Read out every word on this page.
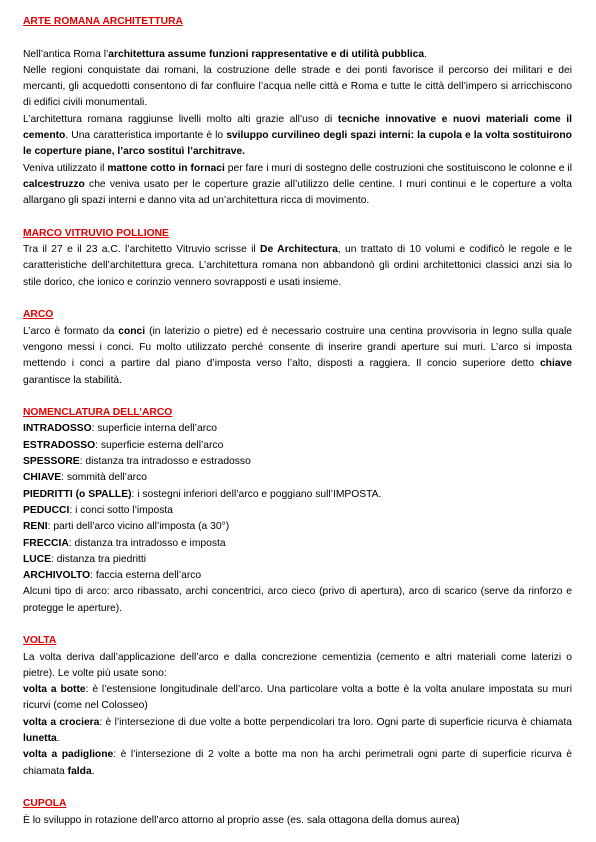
ARTE ROMANA ARCHITETTURA

Nell’antica Roma l’architettura assume funzioni rappresentative e di utilità pubblica.

Nelle regioni conquistate dai romani, la costruzione delle strade e dei ponti favorisce il percorso dei militari e dei mercanti, gli acquedotti consentono di far confluire l’acqua nelle città e Roma e tutte le città dell’impero si arricchiscono di edifici civili monumentali.

L’architettura romana raggiunse livelli molto alti grazie all’uso di tecniche innovative e nuovi materiali come il cemento. Una caratteristica importante è lo sviluppo curvilineo degli spazi interni: la cupola e la volta sostituirono le coperture piane, l’arco sostituì l’architrave.

Veniva utilizzato il mattone cotto in fornaci per fare i muri di sostegno delle costruzioni che sostituiscono le colonne e il calcestruzzo che veniva usato per le coperture grazie all’utilizzo delle centine. I muri continui e le coperture a volta allargano gli spazi interni e danno vita ad un’architettura ricca di movimento.

MARCO VITRUVIO POLLIONE

Tra il 27 e il 23 a.C. l’architetto Vitruvio scrisse il De Architectura, un trattato di 10 volumi e codificò le regole e le caratteristiche dell’architettura greca. L’architettura romana non abbandonò gli ordini architettonici classici anzi sia lo stile dorico, che ionico e corinzio vennero sovrapposti e usati insieme.

ARCO

L’arco è formato da conci (in laterizio o pietre) ed è necessario costruire una centina provvisoria in legno sulla quale vengono messi i conci. Fu molto utilizzato perché consente di inserire grandi aperture sui muri. L’arco si imposta mettendo i conci a partire dal piano d’imposta verso l’alto, disposti a raggiera. Il concio superiore detto chiave garantisce la stabilità.

NOMENCLATURA DELL’ARCO
INTRADOSSO: superficie interna dell’arco
ESTRADOSSO: superficie esterna dell’arco
SPESSORE: distanza tra intradosso e estradosso
CHIAVE: sommità dell’arco
PIEDRITTI (o SPALLE): i sostegni inferiori dell’arco e poggiano sull’IMPOSTA.
PEDUCCI: i conci sotto l’imposta
RENI: parti dell’arco vicino all’imposta (a 30°)
FRECCIA: distanza tra intradosso e imposta
LUCE: distanza tra piedritti
ARCHIVOLTO: faccia esterna dell’arco

Alcuni tipo di arco: arco ribassato, archi concentrici, arco cieco (privo di apertura), arco di scarico (serve da rinforzo e protegge le aperture).

VOLTA

La volta deriva dall’applicazione dell’arco e dalla concrezione cementizia (cemento e altri materiali come laterizi o pietre). Le volte più usate sono:

volta a botte: è l’estensione longitudinale dell’arco. Una particolare volta a botte è la volta anulare impostata su muri ricurvi (come nel Colosseo)

volta a crociera: è l’intersezione di due volte a botte perpendicolari tra loro. Ogni parte di superficie ricurva è chiamata lunetta.

volta a padiglione: è l’intersezione di 2 volte a botte ma non ha archi perimetrali ogni parte di superficie ricurva è chiamata falda.

CUPOLA

È lo sviluppo in rotazione dell’arco attorno al proprio asse (es. sala ottagona della domus aurea)
